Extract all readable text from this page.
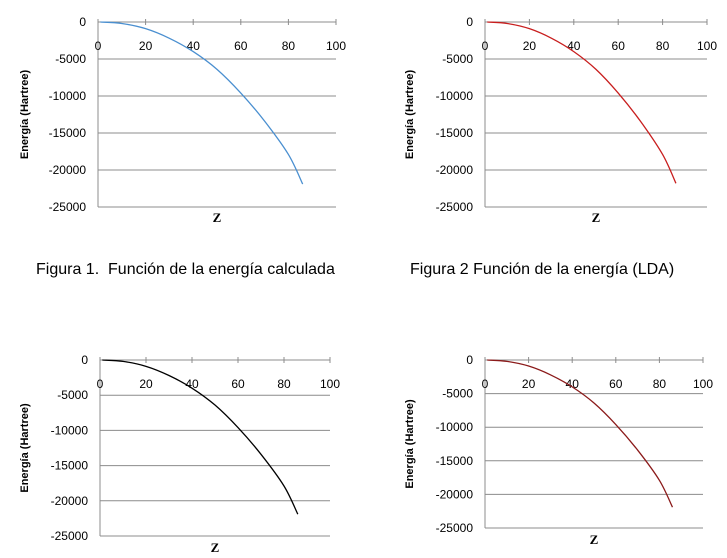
0
-5000
-10000
-15000
-20000
-25000
0	20	40	60	80	100
Energía (Hartree)
Z
0
-5000
-10000
-15000
-20000
-25000
0	20	40	60	80 100
Energía (Hartree)
Z
0
-5000
-10000
-15000
-20000
-25000
0	20	40	60	80 100
Energía (Hartree)
Z
0
-5000
-10000
-15000
-20000
-25000
0	20	40	60	80 100
Energía (Hartree)
Z
Figura 1.  Función de la energía calculada	Figura 2 Función de la energía (LDA)
